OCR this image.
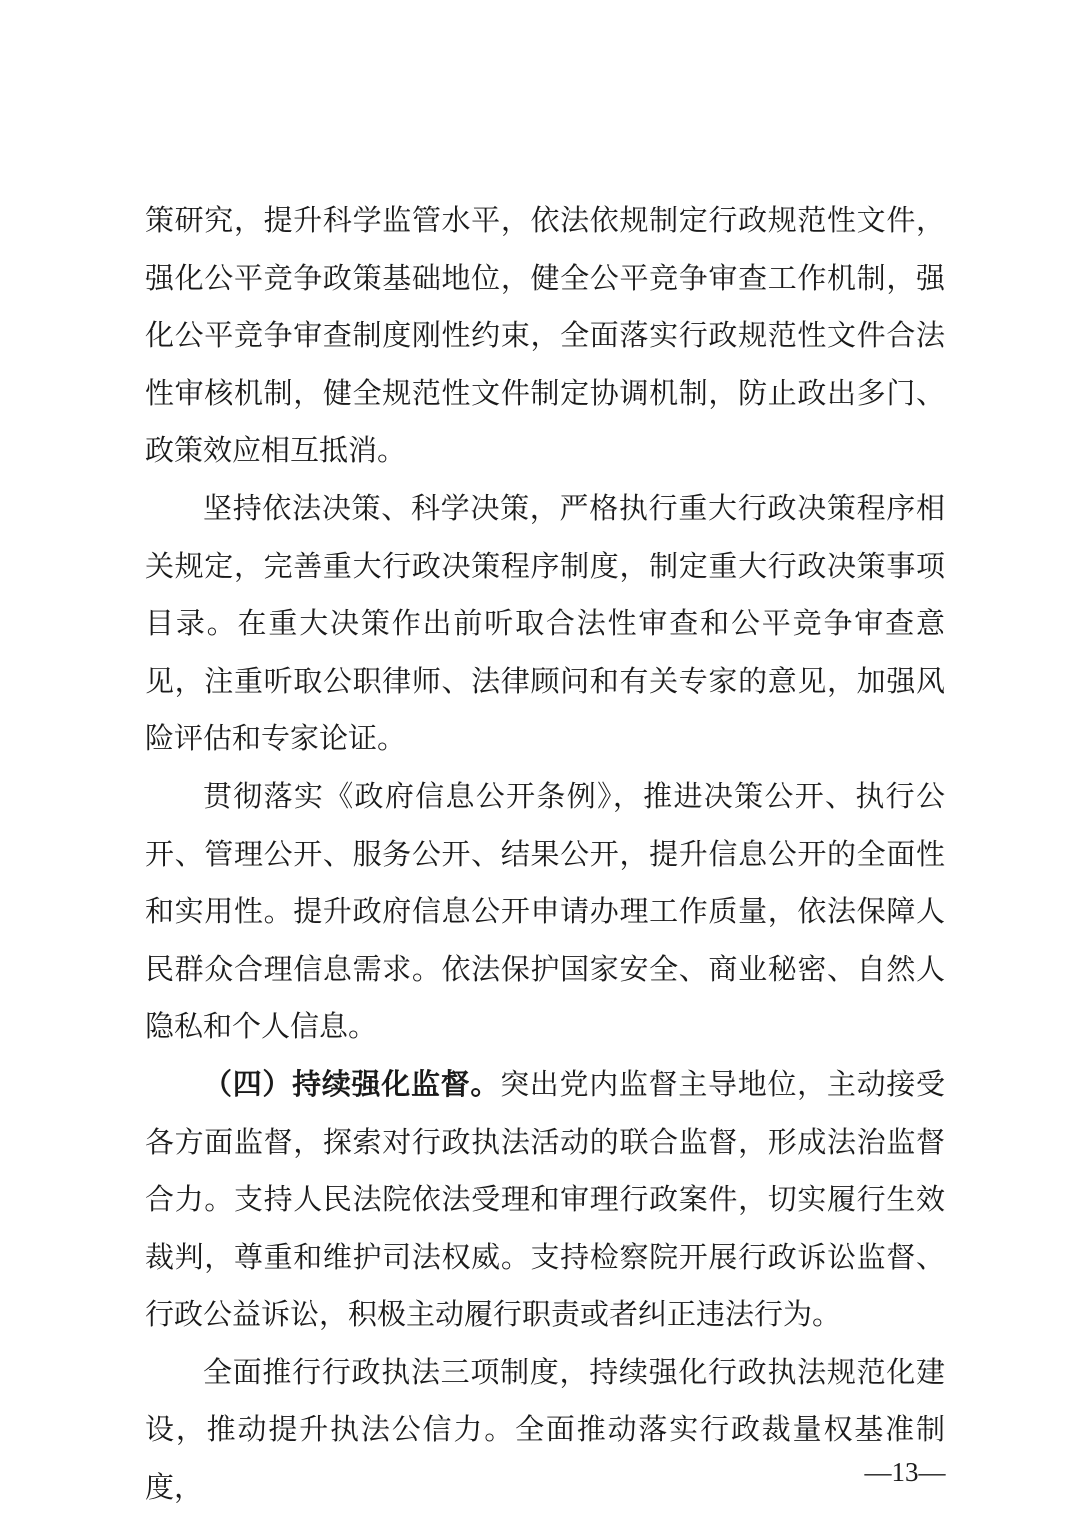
策研究，提升科学监管水平，依法依规制定行政规范性文件，强化公平竞争政策基础地位，健全公平竞争审查工作机制，强化公平竞争审查制度刚性约束，全面落实行政规范性文件合法性审核机制，健全规范性文件制定协调机制，防止政出多门、政策效应相互抵消。

坚持依法决策、科学决策，严格执行重大行政决策程序相关规定，完善重大行政决策程序制度，制定重大行政决策事项目录。在重大决策作出前听取合法性审查和公平竞争审查意见，注重听取公职律师、法律顾问和有关专家的意见，加强风险评估和专家论证。

贯彻落实《政府信息公开条例》，推进决策公开、执行公开、管理公开、服务公开、结果公开，提升信息公开的全面性和实用性。提升政府信息公开申请办理工作质量，依法保障人民群众合理信息需求。依法保护国家安全、商业秘密、自然人隐私和个人信息。

（四）持续强化监督。突出党内监督主导地位，主动接受各方面监督，探索对行政执法活动的联合监督，形成法治监督合力。支持人民法院依法受理和审理行政案件，切实履行生效裁判，尊重和维护司法权威。支持检察院开展行政诉讼监督、行政公益诉讼，积极主动履行职责或者纠正违法行为。

全面推行行政执法三项制度，持续强化行政执法规范化建设，推动提升执法公信力。全面推动落实行政裁量权基准制度，	—13—
